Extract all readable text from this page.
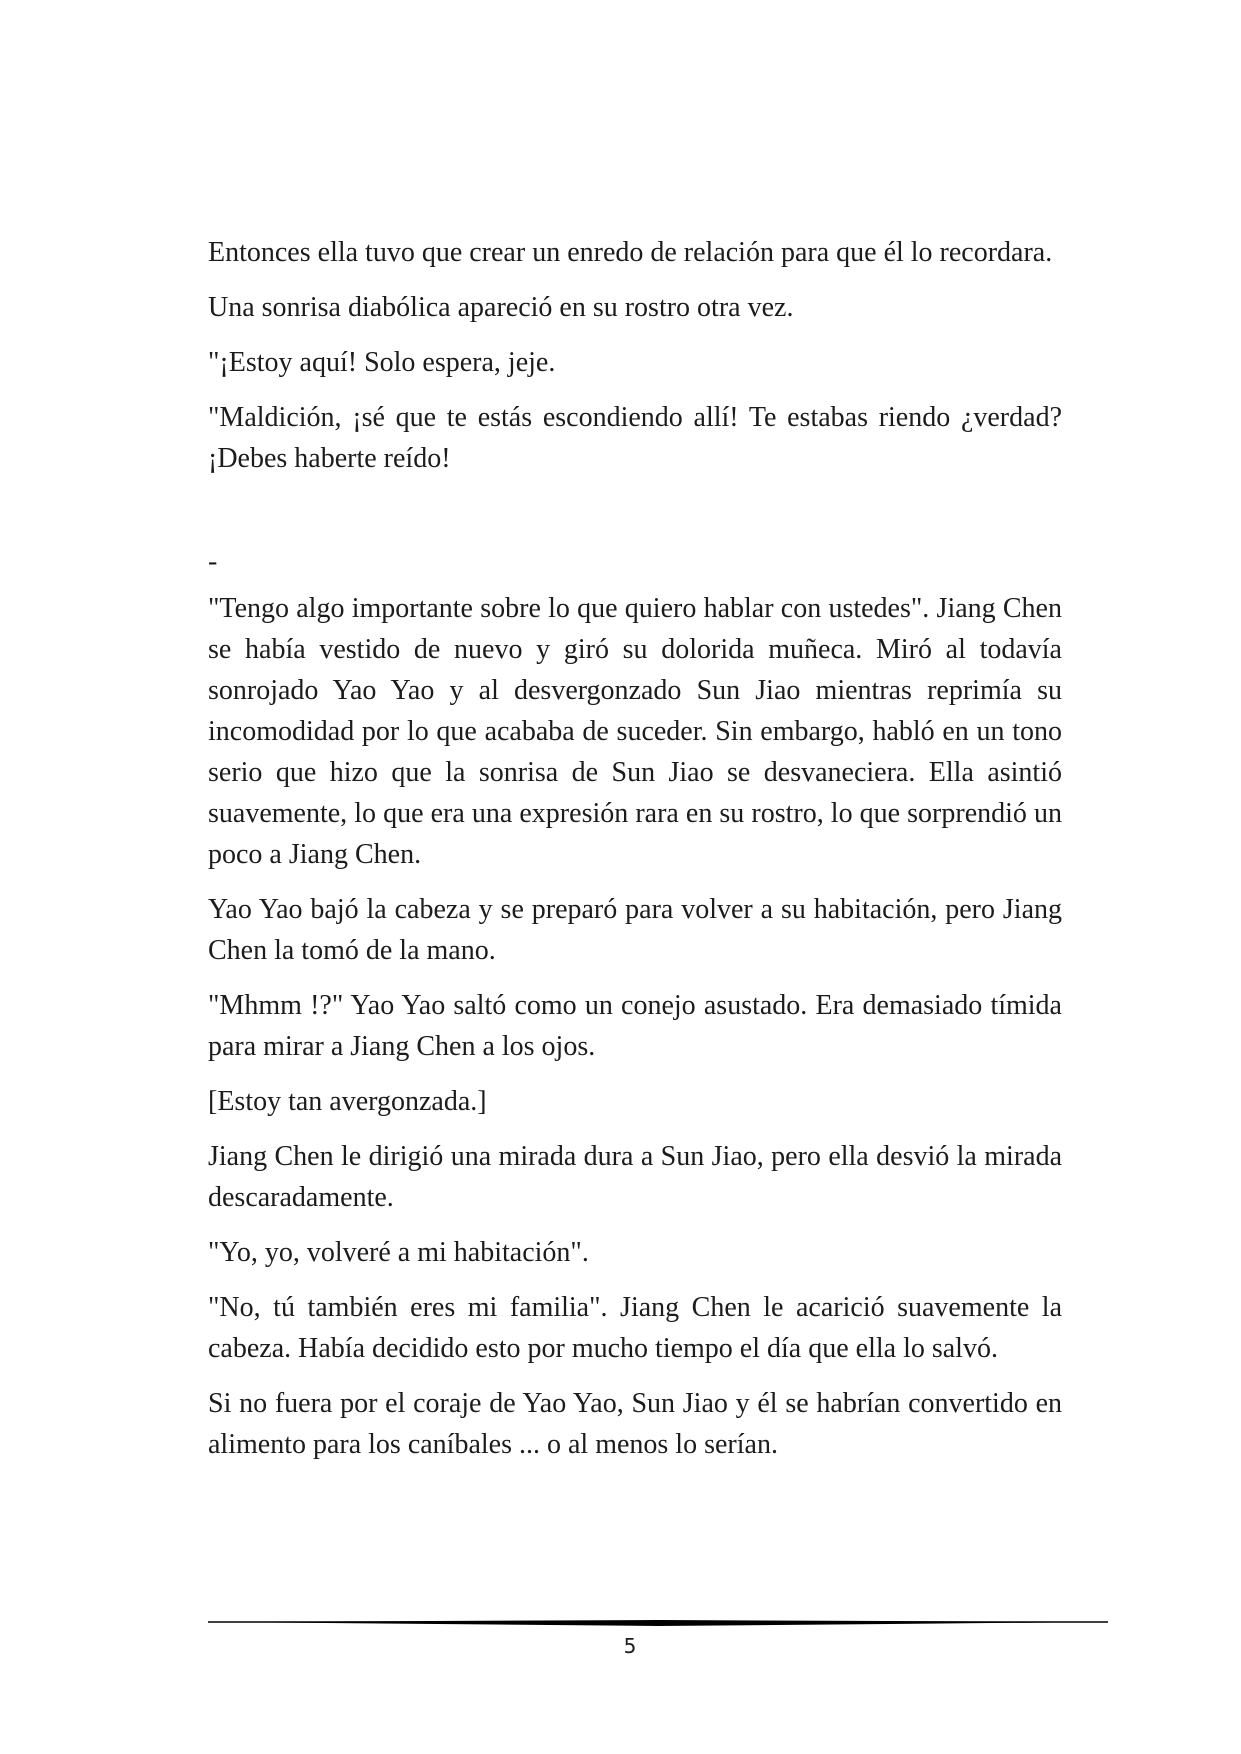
Entonces ella tuvo que crear un enredo de relación para que él lo recordara.

Una sonrisa diabólica apareció en su rostro otra vez.

"¡Estoy aquí! Solo espera, jeje.

"Maldición, ¡sé que te estás escondiendo allí! Te estabas riendo ¿verdad? ¡Debes haberte reído!

-

"Tengo algo importante sobre lo que quiero hablar con ustedes". Jiang Chen se había vestido de nuevo y giró su dolorida muñeca. Miró al todavía sonrojado Yao Yao y al desvergonzado Sun Jiao mientras reprimía su incomodidad por lo que acababa de suceder. Sin embargo, habló en un tono serio que hizo que la sonrisa de Sun Jiao se desvaneciera. Ella asintió suavemente, lo que era una expresión rara en su rostro, lo que sorprendió un poco a Jiang Chen.

Yao Yao bajó la cabeza y se preparó para volver a su habitación, pero Jiang Chen la tomó de la mano.

"Mhmm !?" Yao Yao saltó como un conejo asustado. Era demasiado tímida para mirar a Jiang Chen a los ojos.

[Estoy tan avergonzada.]

Jiang Chen le dirigió una mirada dura a Sun Jiao, pero ella desvió la mirada descaradamente.

"Yo, yo, volveré a mi habitación".

"No, tú también eres mi familia". Jiang Chen le acarició suavemente la cabeza. Había decidido esto por mucho tiempo el día que ella lo salvó.

Si no fuera por el coraje de Yao Yao, Sun Jiao y él se habrían convertido en alimento para los caníbales ... o al menos lo serían.

5
